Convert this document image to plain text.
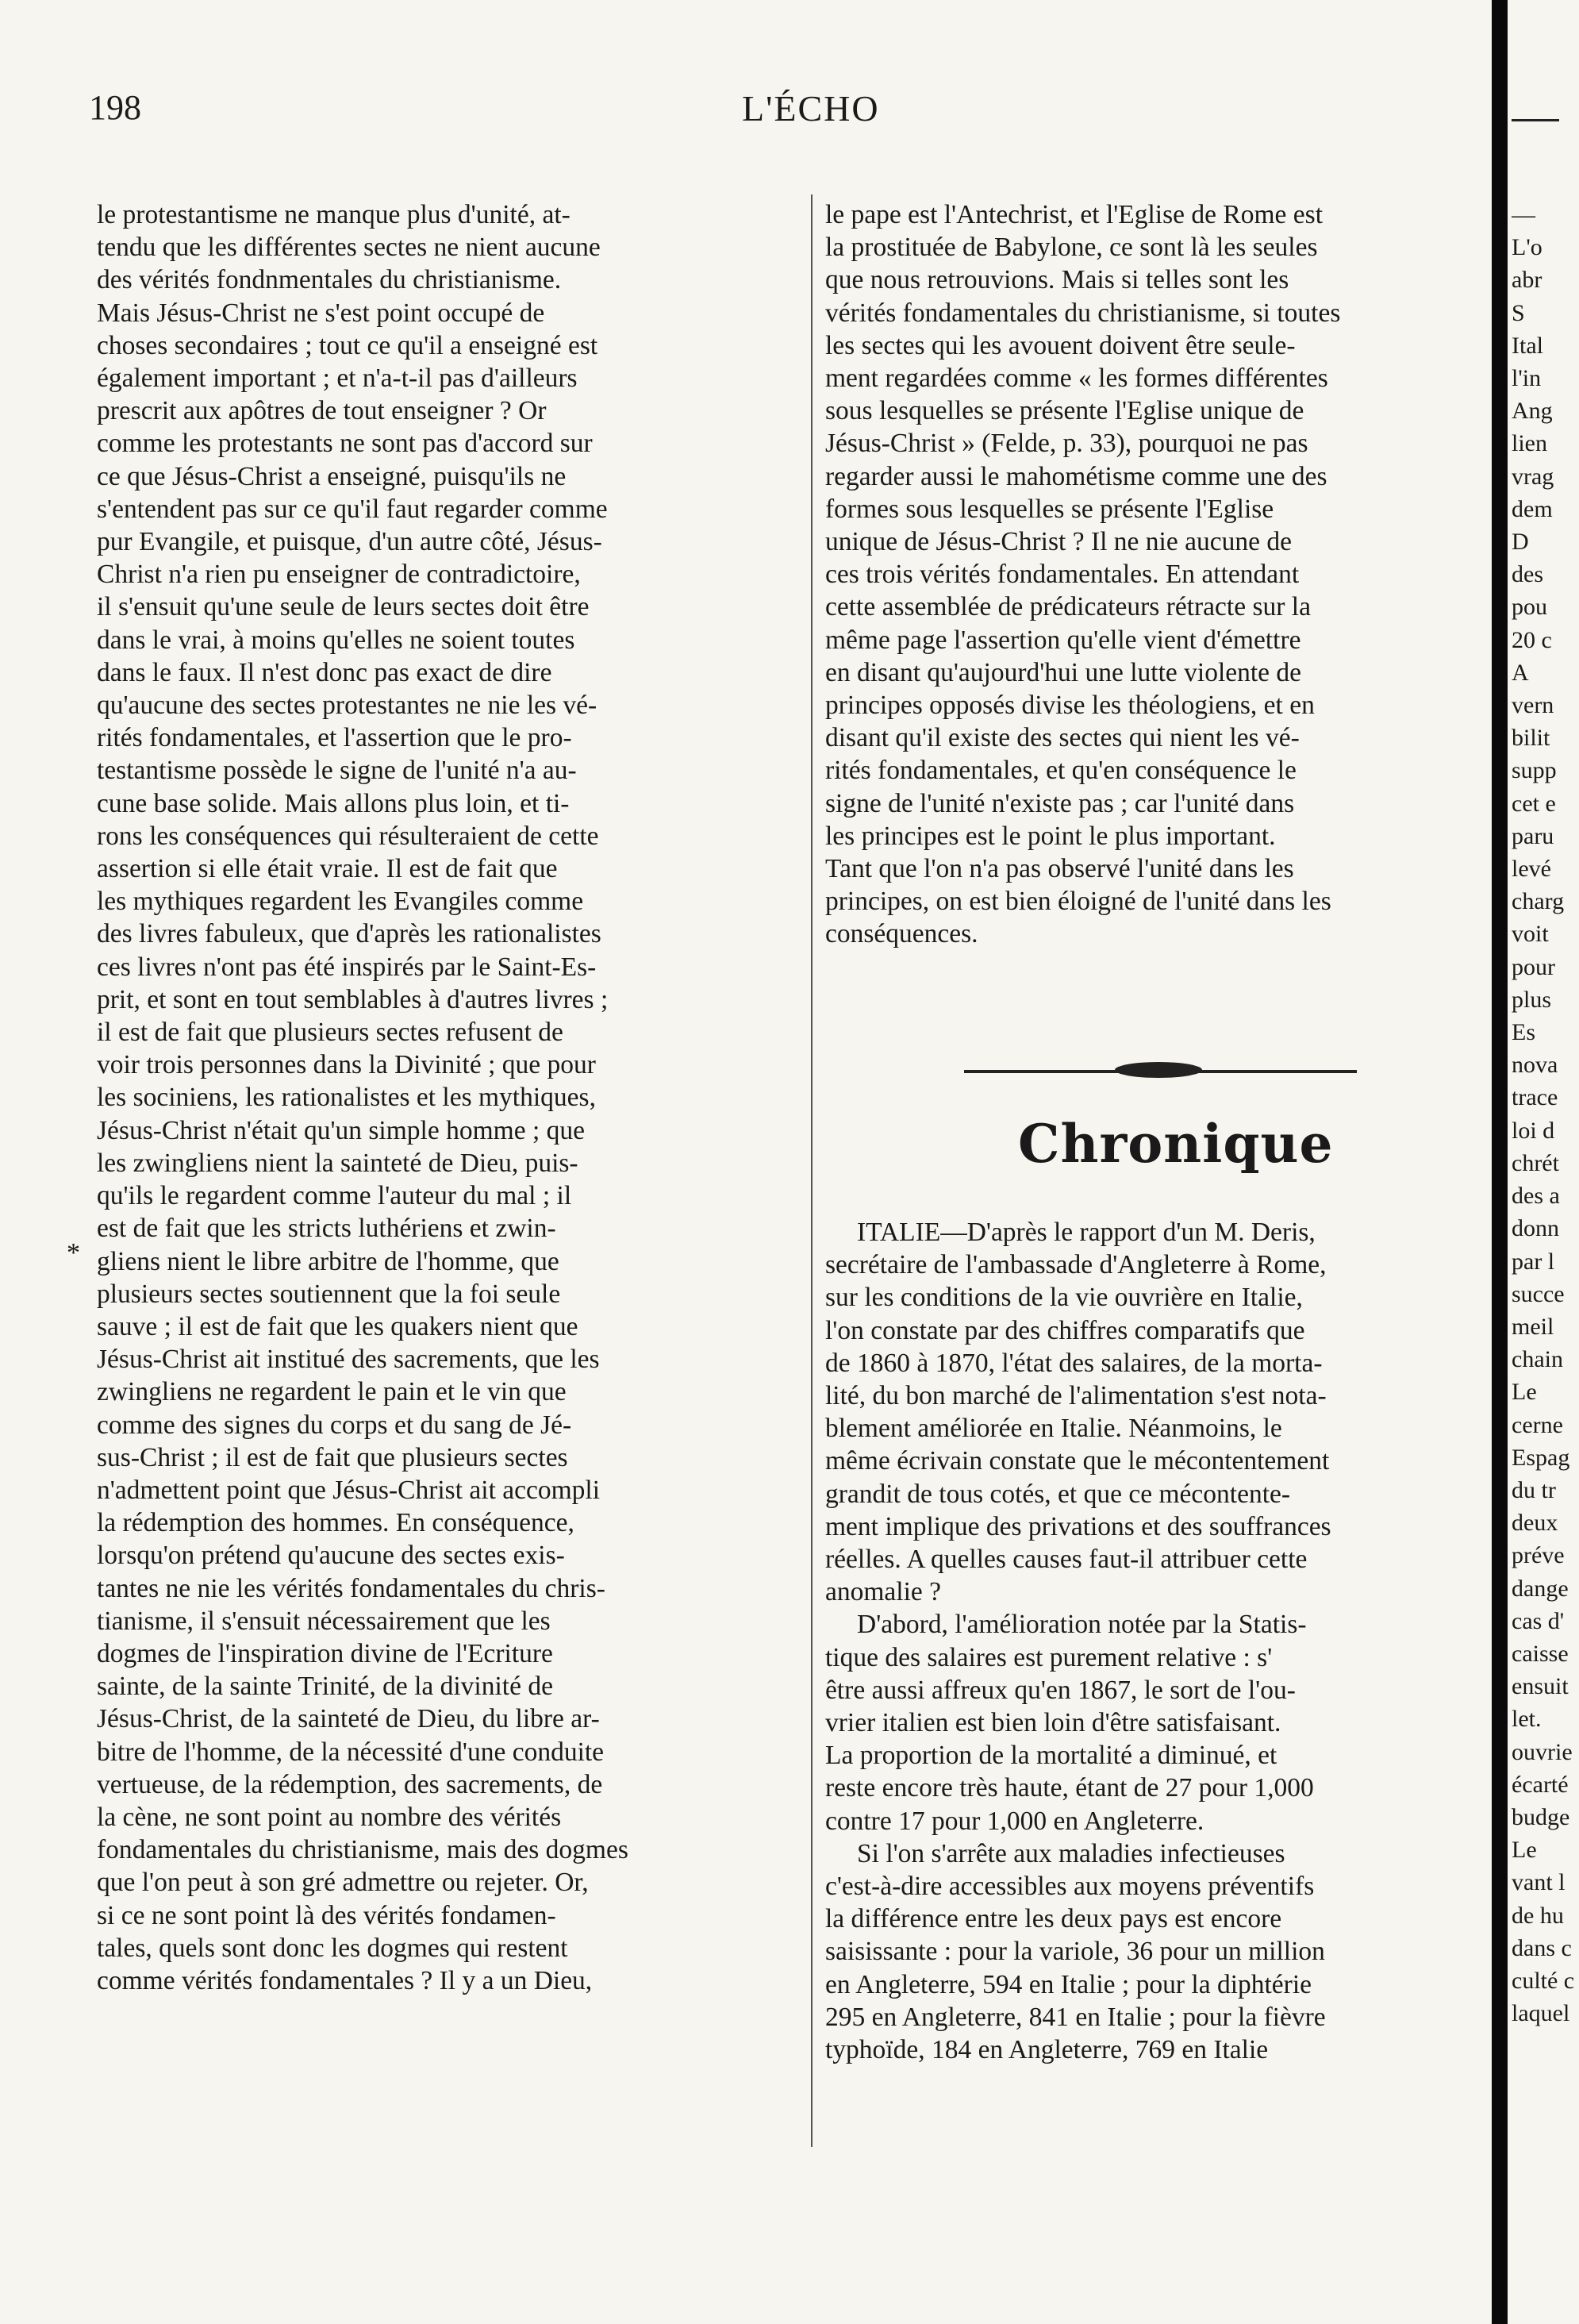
198	L'ÉCHO
*
le protestantisme ne manque plus d'unité, at-
tendu que les différentes sectes ne nient aucune
des vérités fondnmentales du christianisme.
Mais Jésus-Christ ne s'est point occupé de
choses secondaires ; tout ce qu'il a enseigné est
également important ; et n'a-t-il pas d'ailleurs
prescrit aux apôtres de tout enseigner ? Or
comme les protestants ne sont pas d'accord sur
ce que Jésus-Christ a enseigné, puisqu'ils ne
s'entendent pas sur ce qu'il faut regarder comme
pur Evangile, et puisque, d'un autre côté, Jésus-
Christ n'a rien pu enseigner de contradictoire,
il s'ensuit qu'une seule de leurs sectes doit être
dans le vrai, à moins qu'elles ne soient toutes
dans le faux. Il n'est donc pas exact de dire
qu'aucune des sectes protestantes ne nie les vé-
rités fondamentales, et l'assertion que le pro-
testantisme possède le signe de l'unité n'a au-
cune base solide. Mais allons plus loin, et ti-
rons les conséquences qui résulteraient de cette
assertion si elle était vraie. Il est de fait que
les mythiques regardent les Evangiles comme
des livres fabuleux, que d'après les rationalistes
ces livres n'ont pas été inspirés par le Saint-Es-
prit, et sont en tout semblables à d'autres livres ;
il est de fait que plusieurs sectes refusent de
voir trois personnes dans la Divinité ; que pour
les sociniens, les rationalistes et les mythiques,
Jésus-Christ n'était qu'un simple homme ; que
les zwingliens nient la sainteté de Dieu, puis-
qu'ils le regardent comme l'auteur du mal ; il
est de fait que les stricts luthériens et zwin-
gliens nient le libre arbitre de l'homme, que
plusieurs sectes soutiennent que la foi seule
sauve ; il est de fait que les quakers nient que
Jésus-Christ ait institué des sacrements, que les
zwingliens ne regardent le pain et le vin que
comme des signes du corps et du sang de Jé-
sus-Christ ; il est de fait que plusieurs sectes
n'admettent point que Jésus-Christ ait accompli
la rédemption des hommes. En conséquence,
lorsqu'on prétend qu'aucune des sectes exis-
tantes ne nie les vérités fondamentales du chris-
tianisme, il s'ensuit nécessairement que les
dogmes de l'inspiration divine de l'Ecriture
sainte, de la sainte Trinité, de la divinité de
Jésus-Christ, de la sainteté de Dieu, du libre ar-
bitre de l'homme, de la nécessité d'une conduite
vertueuse, de la rédemption, des sacrements, de
la cène, ne sont point au nombre des vérités
fondamentales du christianisme, mais des dogmes
que l'on peut à son gré admettre ou rejeter. Or,
si ce ne sont point là des vérités fondamen-
tales, quels sont donc les dogmes qui restent
comme vérités fondamentales ? Il y a un Dieu,
le pape est l'Antechrist, et l'Eglise de Rome est
la prostituée de Babylone, ce sont là les seules
que nous retrouvions. Mais si telles sont les
vérités fondamentales du christianisme, si toutes
les sectes qui les avouent doivent être seule-
ment regardées comme « les formes différentes
sous lesquelles se présente l'Eglise unique de
Jésus-Christ » (Felde, p. 33), pourquoi ne pas
regarder aussi le mahométisme comme une des
formes sous lesquelles se présente l'Eglise
unique de Jésus-Christ ? Il ne nie aucune de
ces trois vérités fondamentales. En attendant
cette assemblée de prédicateurs rétracte sur la
même page l'assertion qu'elle vient d'émettre
en disant qu'aujourd'hui une lutte violente de
principes opposés divise les théologiens, et en
disant qu'il existe des sectes qui nient les vé-
rités fondamentales, et qu'en conséquence le
signe de l'unité n'existe pas ; car l'unité dans
les principes est le point le plus important.
Tant que l'on n'a pas observé l'unité dans les
principes, on est bien éloigné de l'unité dans les
conséquences.
Chronique
ITALIE—D'après le rapport d'un M. Deris,
secrétaire de l'ambassade d'Angleterre à Rome,
sur les conditions de la vie ouvrière en Italie,
l'on constate par des chiffres comparatifs que
de 1860 à 1870, l'état des salaires, de la morta-
lité, du bon marché de l'alimentation s'est nota-
blement améliorée en Italie. Néanmoins, le
même écrivain constate que le mécontentement
grandit de tous cotés, et que ce mécontente-
ment implique des privations et des souffrances
réelles. A quelles causes faut-il attribuer cette
anomalie ?
D'abord, l'amélioration notée par la Statis-
tique des salaires est purement relative : s'
être aussi affreux qu'en 1867, le sort de l'ou-
vrier italien est bien loin d'être satisfaisant.
La proportion de la mortalité a diminué, et
reste encore très haute, étant de 27 pour 1,000
contre 17 pour 1,000 en Angleterre.
Si l'on s'arrête aux maladies infectieuses
c'est-à-dire accessibles aux moyens préventifs
la différence entre les deux pays est encore
saisissante : pour la variole, 36 pour un million
en Angleterre, 594 en Italie ; pour la diphtérie
295 en Angleterre, 841 en Italie ; pour la fièvre
typhoïde, 184 en Angleterre, 769 en Italie
—
L'o
abr
S
Ital
l'in
Ang
lien
vrag
dem
D
des
pou
20 c
A
vern
bilit
supp
cet e
paru
levé
charg
voit
pour
plus
Es
nova
trace
loi d
chrét
des a
donn
par l
succe
meil
chain
Le
cerne
Espag
du tr
deux
préve
dange
cas d'
caisse
ensuit
let.
ouvrie
écarté
budge
Le
vant l
de hu
dans c
culté c
laquel
